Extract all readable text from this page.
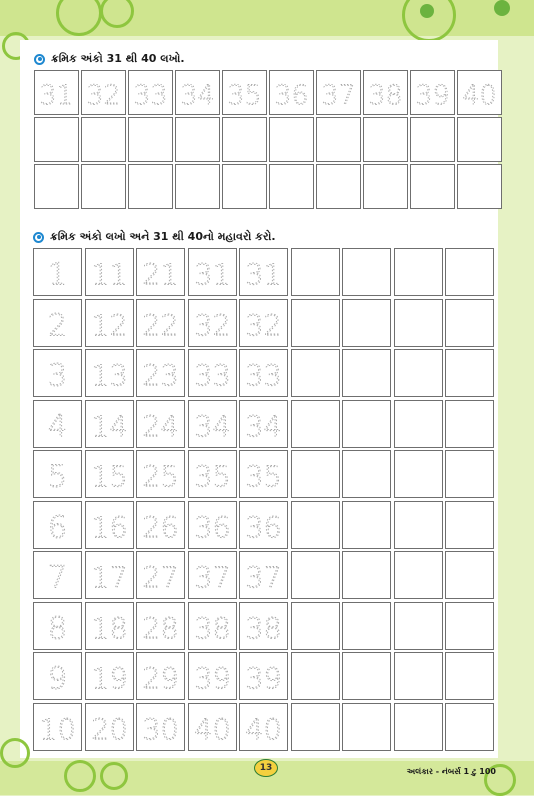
ક્રમિક અંકો 31 થી 40 લખો.
31 32 33 34 35 36 37 38 39 40
ક્રમિક અંકો લખો અને 31 થી 40નો મહાવરો કરો.
1 11 21 31 31
2 12 22 32 32
3 13 23 33 33
4 14 24 34 34
5 15 25 35 35
6 16 26 36 36
7 17 27 37 37
8 18 28 38 38
9 19 29 39 39
10 20 30 40 40
13	અલંકાર - નંબર્સ 1 ટુ 100
